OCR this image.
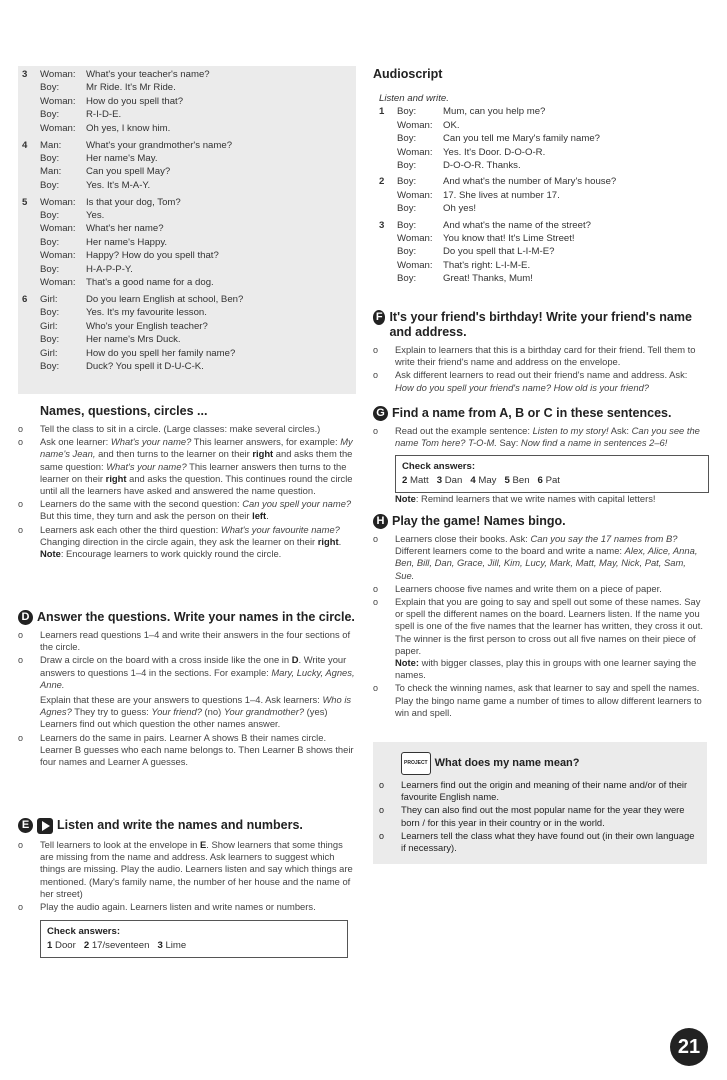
3	Woman:	What's your teacher's name?
Boy:	Mr Ride. It's Mr Ride.
Woman:	How do you spell that?
Boy:	R-I-D-E.
Woman:	Oh yes, I know him.
4	Man:	What's your grandmother's name?
Boy:	Her name's May.
Man:	Can you spell May?
Boy:	Yes. It's M-A-Y.
5	Woman:	Is that your dog, Tom?
Boy:	Yes.
Woman:	What's her name?
Boy:	Her name's Happy.
Woman:	Happy? How do you spell that?
Boy:	H-A-P-P-Y.
Woman:	That's a good name for a dog.
6	Girl:	Do you learn English at school, Ben?
Boy:	Yes. It's my favourite lesson.
Girl:	Who's your English teacher?
Boy:	Her name's Mrs Duck.
Girl:	How do you spell her family name?
Boy:	Duck? You spell it D-U-C-K.
Names, questions, circles ...
o	Tell the class to sit in a circle. (Large classes: make several circles.)
o	Ask one learner: What's your name? This learner answers, for example: My name's Jean, and then turns to the learner on their right and asks them the same question: What's your name? This learner answers then turns to the learner on their right and asks the question. This continues round the circle until all the learners have asked and answered the name question.
o	Learners do the same with the second question: Can you spell your name? But this time, they turn and ask the person on their left.
o	Learners ask each other the third question: What's your favourite name? Changing direction in the circle again, they ask the learner on their right.
Note: Encourage learners to work quickly round the circle.
D Answer the questions. Write your names in the circle.
o	Learners read questions 1–4 and write their answers in the four sections of the circle.
o	Draw a circle on the board with a cross inside like the one in D. Write your answers to questions 1–4 in the sections. For example: Mary, Lucky, Agnes, Anne.
Explain that these are your answers to questions 1–4. Ask learners: Who is Agnes? They try to guess: Your friend? (no) Your grandmother? (yes) Learners find out which question the other names answer.
o	Learners do the same in pairs. Learner A shows B their names circle. Learner B guesses who each name belongs to. Then Learner B shows their four names and Learner A guesses.
E	Listen and write the names and numbers.
o	Tell learners to look at the envelope in E. Show learners that some things are missing from the name and address. Ask learners to suggest which things are missing. Play the audio. Learners listen and say which things are mentioned. (Mary's family name, the number of her house and the name of her street)
o	Play the audio again. Learners listen and write names or numbers.
Check answers:
1 Door 2 17/seventeen 3 Lime
Audioscript
Listen and write.
1	Boy:	Mum, can you help me?
Woman:	OK.
Boy:	Can you tell me Mary's family name?
Woman:	Yes. It's Door. D-O-O-R.
Boy:	D-O-O-R. Thanks.
2	Boy:	And what's the number of Mary's house?
Woman:	17. She lives at number 17.
Boy:	Oh yes!
3	Boy:	And what's the name of the street?
Woman:	You know that! It's Lime Street!
Boy:	Do you spell that L-I-M-E?
Woman:	That's right: L-I-M-E.
Boy:	Great! Thanks, Mum!
F It's your friend's birthday! Write your friend's name and address.
o	Explain to learners that this is a birthday card for their friend. Tell them to write their friend's name and address on the envelope.
o	Ask different learners to read out their friend's name and address. Ask: How do you spell your friend's name? How old is your friend?
G Find a name from A, B or C in these sentences.
o	Read out the example sentence: Listen to my story! Ask: Can you see the name Tom here? T-O-M. Say: Now find a name in sentences 2–6!
Check answers:
2 Matt 3 Dan 4 May 5 Ben 6 Pat
Note: Remind learners that we write names with capital letters!
H Play the game! Names bingo.
o	Learners close their books. Ask: Can you say the 17 names from B? Different learners come to the board and write a name: Alex, Alice, Anna, Ben, Bill, Dan, Grace, Jill, Kim, Lucy, Mark, Matt, May, Nick, Pat, Sam, Sue.
o	Learners choose five names and write them on a piece of paper.
o	Explain that you are going to say and spell out some of these names. Say or spell the different names on the board. Learners listen. If the name you spell is one of the five names that the learner has written, they cross it out. The winner is the first person to cross out all five names on their piece of paper.
Note: with bigger classes, play this in groups with one learner saying the names.
o	To check the winning names, ask that learner to say and spell the names. Play the bingo name game a number of times to allow different learners to win and spell.
PROJECT What does my name mean?
o	Learners find out the origin and meaning of their name and/or of their favourite English name.
o	They can also find out the most popular name for the year they were born / for this year in their country or in the world.
o	Learners tell the class what they have found out (in their own language if necessary).
21
